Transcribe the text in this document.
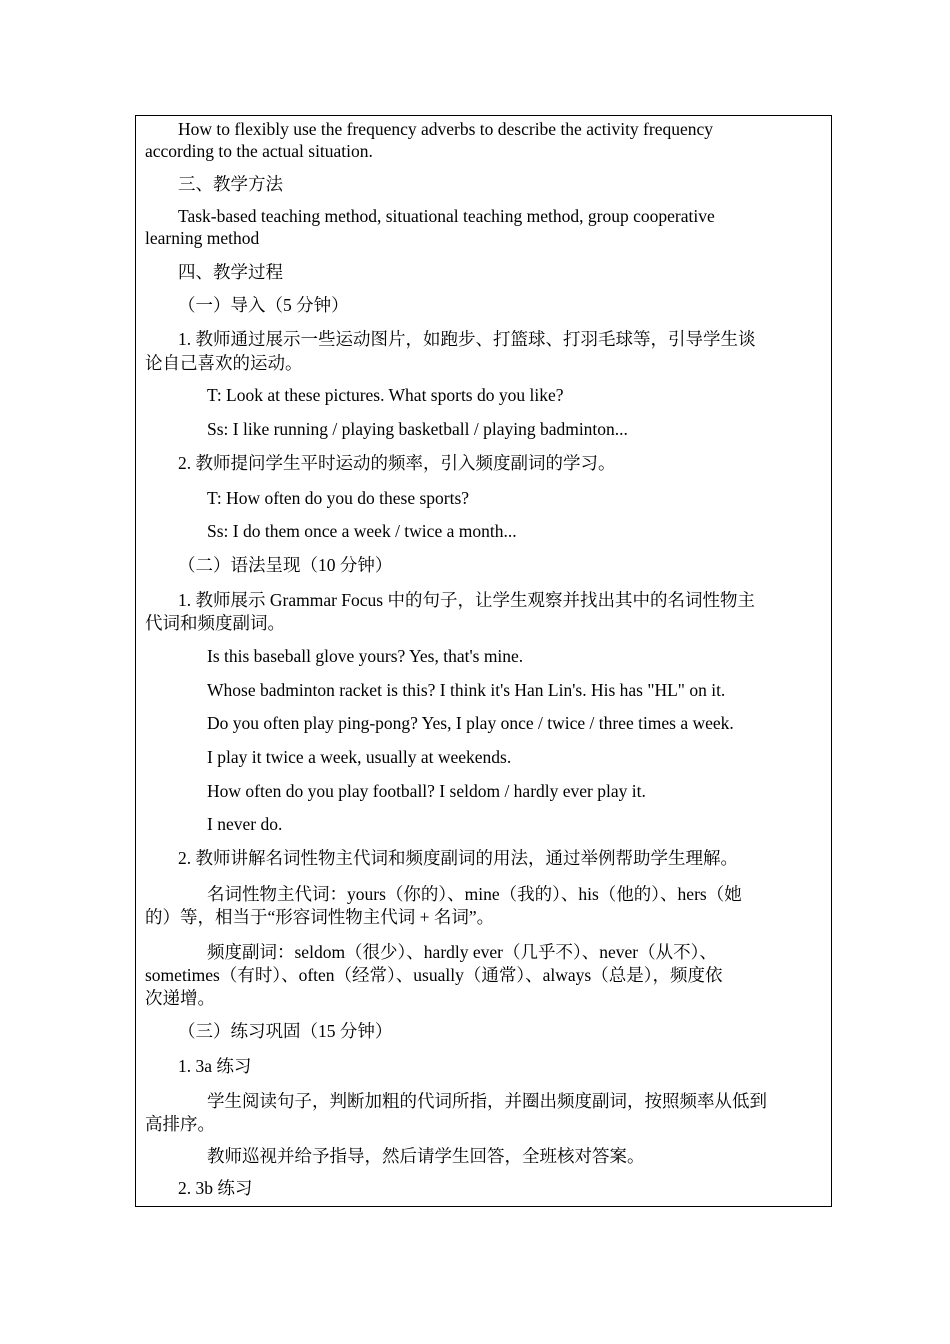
How to flexibly use the frequency adverbs to describe the activity frequency
according to the actual situation.
三、教学方法
Task-based teaching method, situational teaching method, group cooperative
learning method
四、教学过程
（一）导入（5 分钟）
1. 教师通过展示一些运动图片，如跑步、打篮球、打羽毛球等，引导学生谈
论自己喜欢的运动。
T: Look at these pictures. What sports do you like?
Ss: I like running / playing basketball / playing badminton...
2. 教师提问学生平时运动的频率，引入频度副词的学习。
T: How often do you do these sports?
Ss: I do them once a week / twice a month...
（二）语法呈现（10 分钟）
1. 教师展示 Grammar Focus 中的句子，让学生观察并找出其中的名词性物主
代词和频度副词。
Is this baseball glove yours? Yes, that's mine.
Whose badminton racket is this? I think it's Han Lin's. His has "HL" on it.
Do you often play ping-pong? Yes, I play once / twice / three times a week.
I play it twice a week, usually at weekends.
How often do you play football? I seldom / hardly ever play it.
I never do.
2. 教师讲解名词性物主代词和频度副词的用法，通过举例帮助学生理解。
名词性物主代词：yours（你的）、mine（我的）、his（他的）、hers（她
的）等，相当于“形容词性物主代词 + 名词”。
频度副词：seldom（很少）、hardly ever（几乎不）、never（从不）、
sometimes（有时）、often（经常）、usually（通常）、always（总是），频度依
次递增。
（三）练习巩固（15 分钟）
1. 3a 练习
学生阅读句子，判断加粗的代词所指，并圈出频度副词，按照频率从低到
高排序。
教师巡视并给予指导，然后请学生回答，全班核对答案。
2. 3b 练习
